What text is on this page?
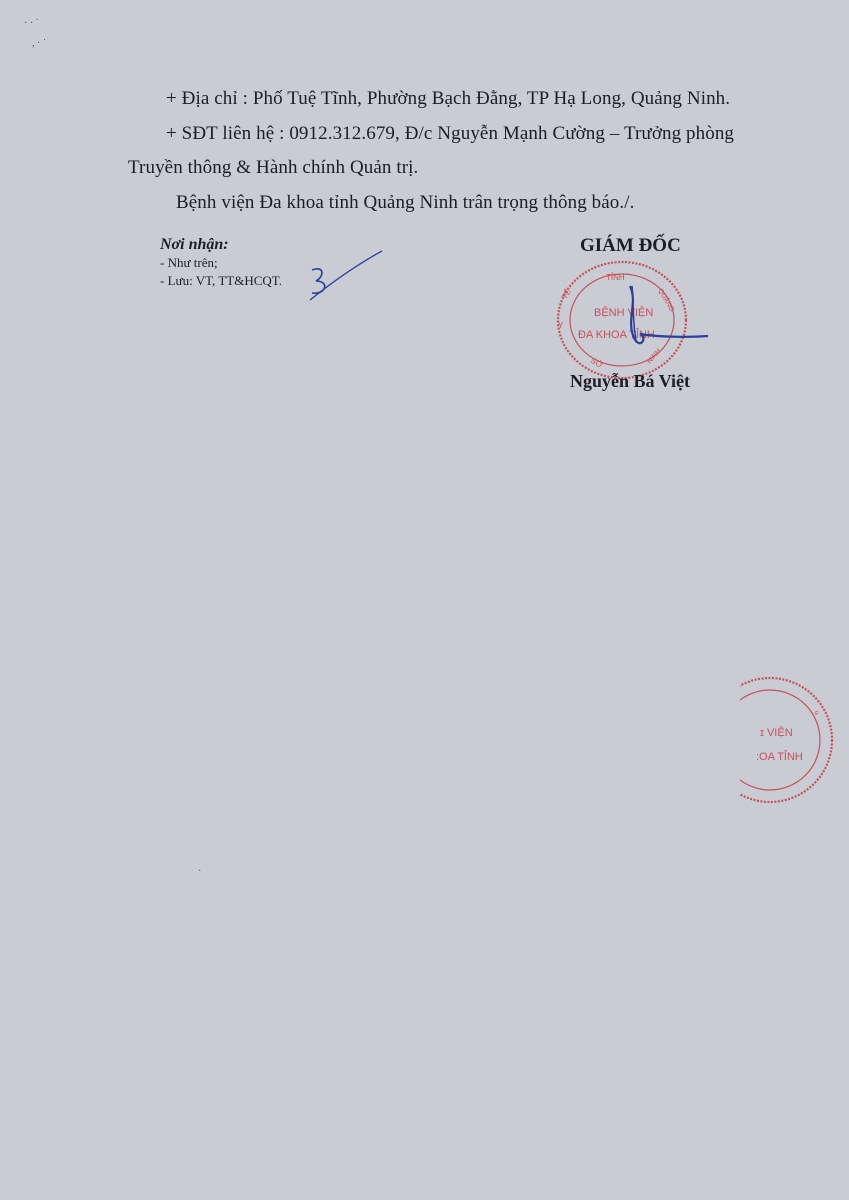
· · ˙
, · ˙
+ Địa chỉ : Phố Tuệ Tĩnh, Phường Bạch Đằng, TP Hạ Long, Quảng Ninh.
+ SĐT liên hệ : 0912.312.679, Đ/c Nguyễn Mạnh Cường – Trưởng phòng
Truyền thông & Hành chính Quản trị.
Bệnh viện Đa khoa tỉnh Quảng Ninh trân trọng thông báo./.
Nơi nhận:
- Như trên;
- Lưu: VT, TT&HCQT.
GIÁM ĐỐC
TỈNH
QUẢNG
TẾ
Y
BỆNH VIỆN
ĐA KHOA TỈNH
SỞ	NINH
Nguyễn Bá Việt
ɪ VIỆN
:OA TỈNH
ɢ
·
